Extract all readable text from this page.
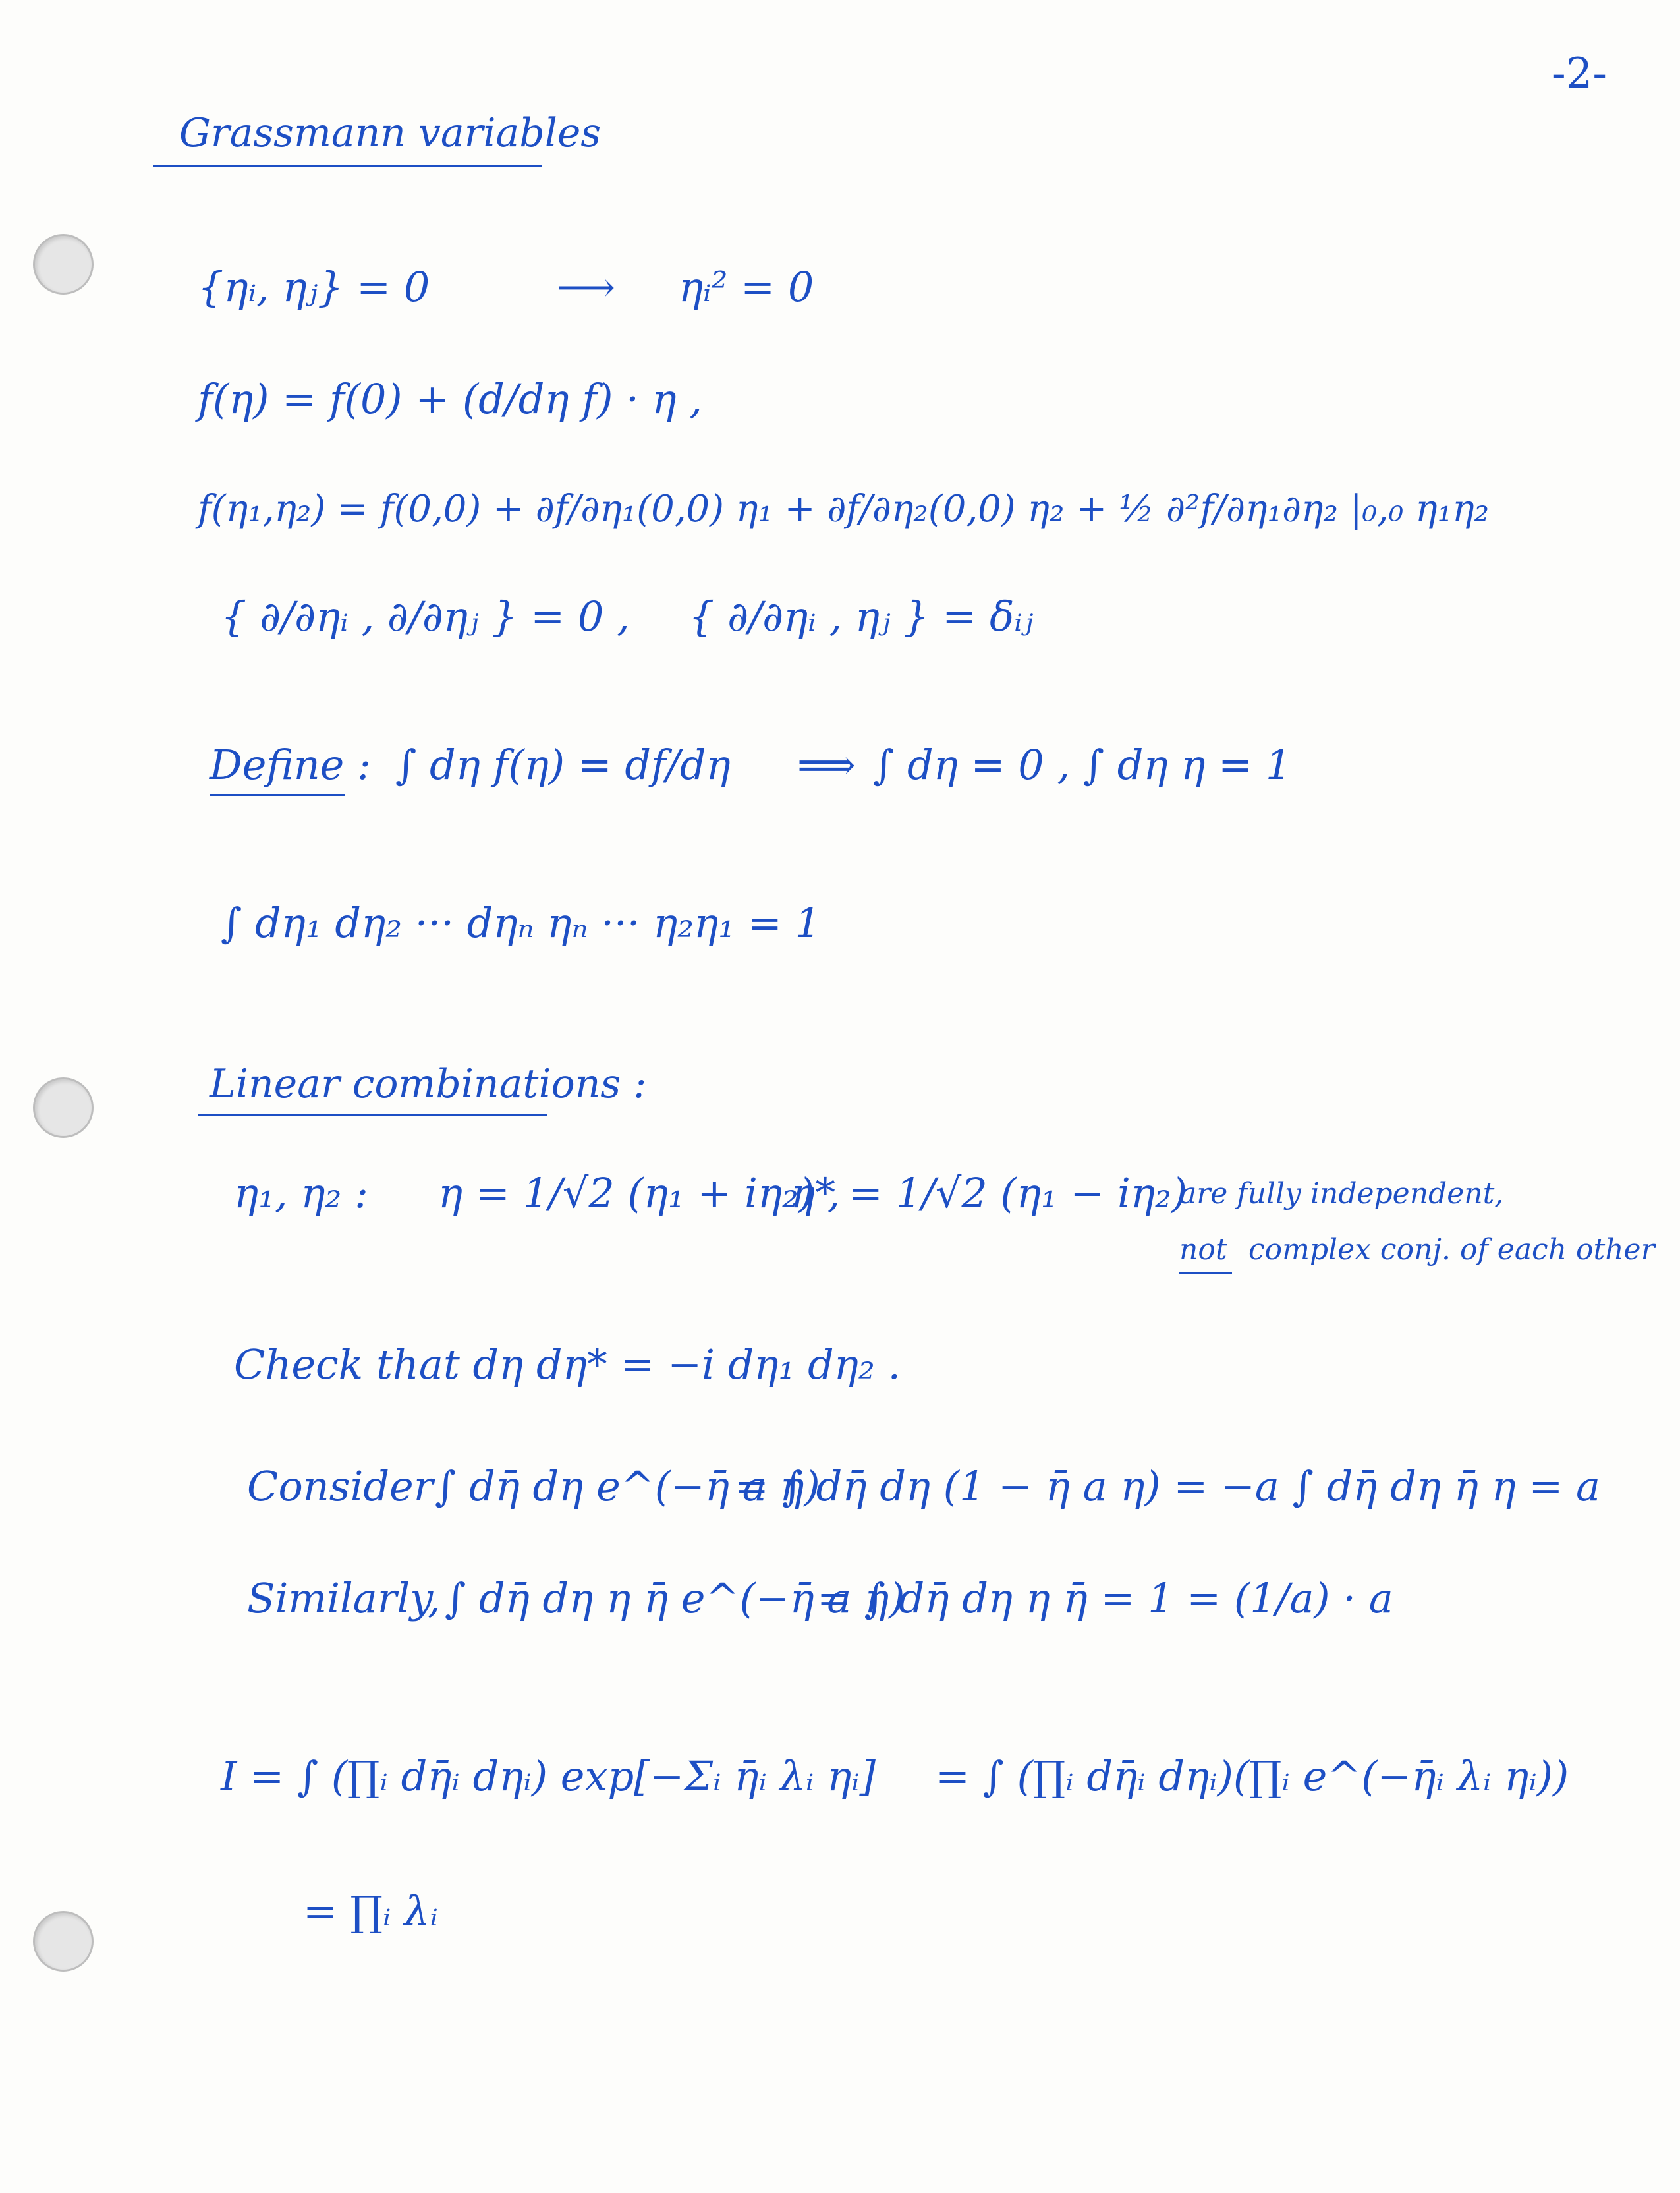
-2-
Grassmann variables
{ηᵢ, ηⱼ} = 0	⟶ ηᵢ² = 0
f(η) = f(0) + (d/dη f) · η ,
f(η₁,η₂) = f(0,0) + ∂f/∂η₁(0,0) η₁ + ∂f/∂η₂(0,0) η₂ + ½ ∂²f/∂η₁∂η₂ |₀,₀ η₁η₂
{ ∂/∂ηᵢ , ∂/∂ηⱼ } = 0 , { ∂/∂ηᵢ , ηⱼ } = δᵢⱼ
Define : ∫ dη f(η) = df/dη ⟹ ∫ dη = 0 , ∫ dη η = 1
∫ dη₁ dη₂ ··· dηₙ ηₙ ··· η₂η₁ = 1
Linear combinations :
η₁, η₂ : η = 1/√2 (η₁ + iη₂) ,
η* = 1/√2 (η₁ − iη₂)
are fully independent,
not complex conj. of each other
Check that dη dη* = −i dη₁ dη₂ .
Consider ∫ dη̄ dη e^(−η̄ a η)
= ∫ dη̄ dη (1 − η̄ a η) = −a ∫ dη̄ dη η̄ η = a
Similarly, ∫ dη̄ dη η η̄ e^(−η̄ a η)
= ∫ dη̄ dη η η̄ = 1 = (1/a) · a
I = ∫ (∏ᵢ dη̄ᵢ dηᵢ) exp[−Σᵢ η̄ᵢ λᵢ ηᵢ] = ∫ (∏ᵢ dη̄ᵢ dηᵢ)(∏ᵢ e^(−η̄ᵢ λᵢ ηᵢ))
= ∏ᵢ λᵢ
